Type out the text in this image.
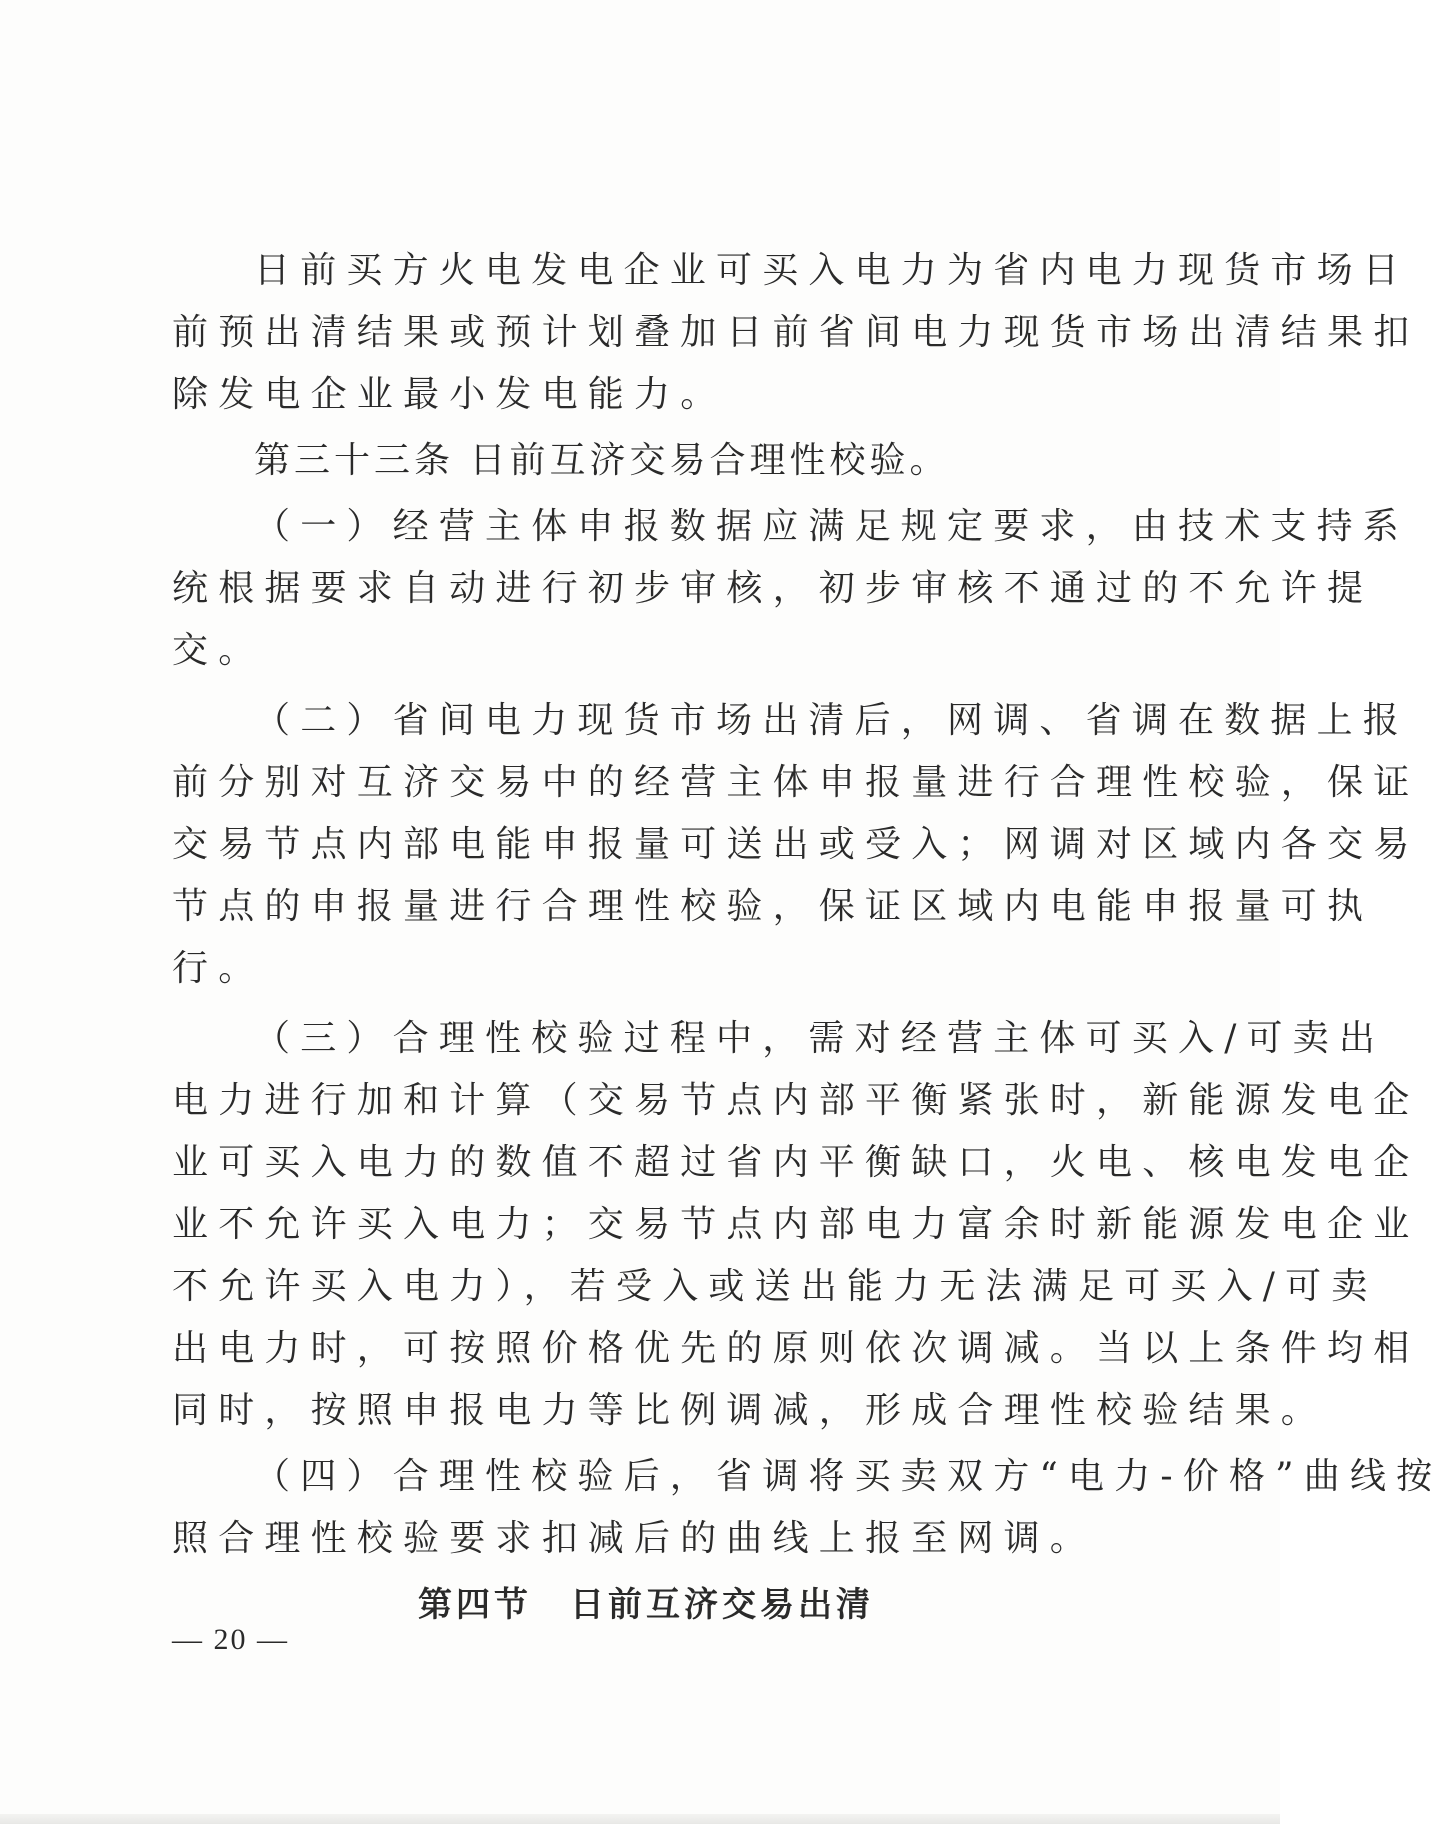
日前买方火电发电企业可买入电力为省内电力现货市场日
前预出清结果或预计划叠加日前省间电力现货市场出清结果扣
除发电企业最小发电能力。
第三十三条 日前互济交易合理性校验。
（一）经营主体申报数据应满足规定要求，由技术支持系
统根据要求自动进行初步审核，初步审核不通过的不允许提
交。
（二）省间电力现货市场出清后，网调、省调在数据上报
前分别对互济交易中的经营主体申报量进行合理性校验，保证
交易节点内部电能申报量可送出或受入；网调对区域内各交易
节点的申报量进行合理性校验，保证区域内电能申报量可执
行。
（三）合理性校验过程中，需对经营主体可买入/可卖出
电力进行加和计算（交易节点内部平衡紧张时，新能源发电企
业可买入电力的数值不超过省内平衡缺口，火电、核电发电企
业不允许买入电力；交易节点内部电力富余时新能源发电企业
不允许买入电力），若受入或送出能力无法满足可买入/可卖
出电力时，可按照价格优先的原则依次调减。当以上条件均相
同时，按照申报电力等比例调减，形成合理性校验结果。
（四）合理性校验后，省调将买卖双方“电力-价格”曲线按
照合理性校验要求扣减后的曲线上报至网调。
第四节　日前互济交易出清
— 20 —
